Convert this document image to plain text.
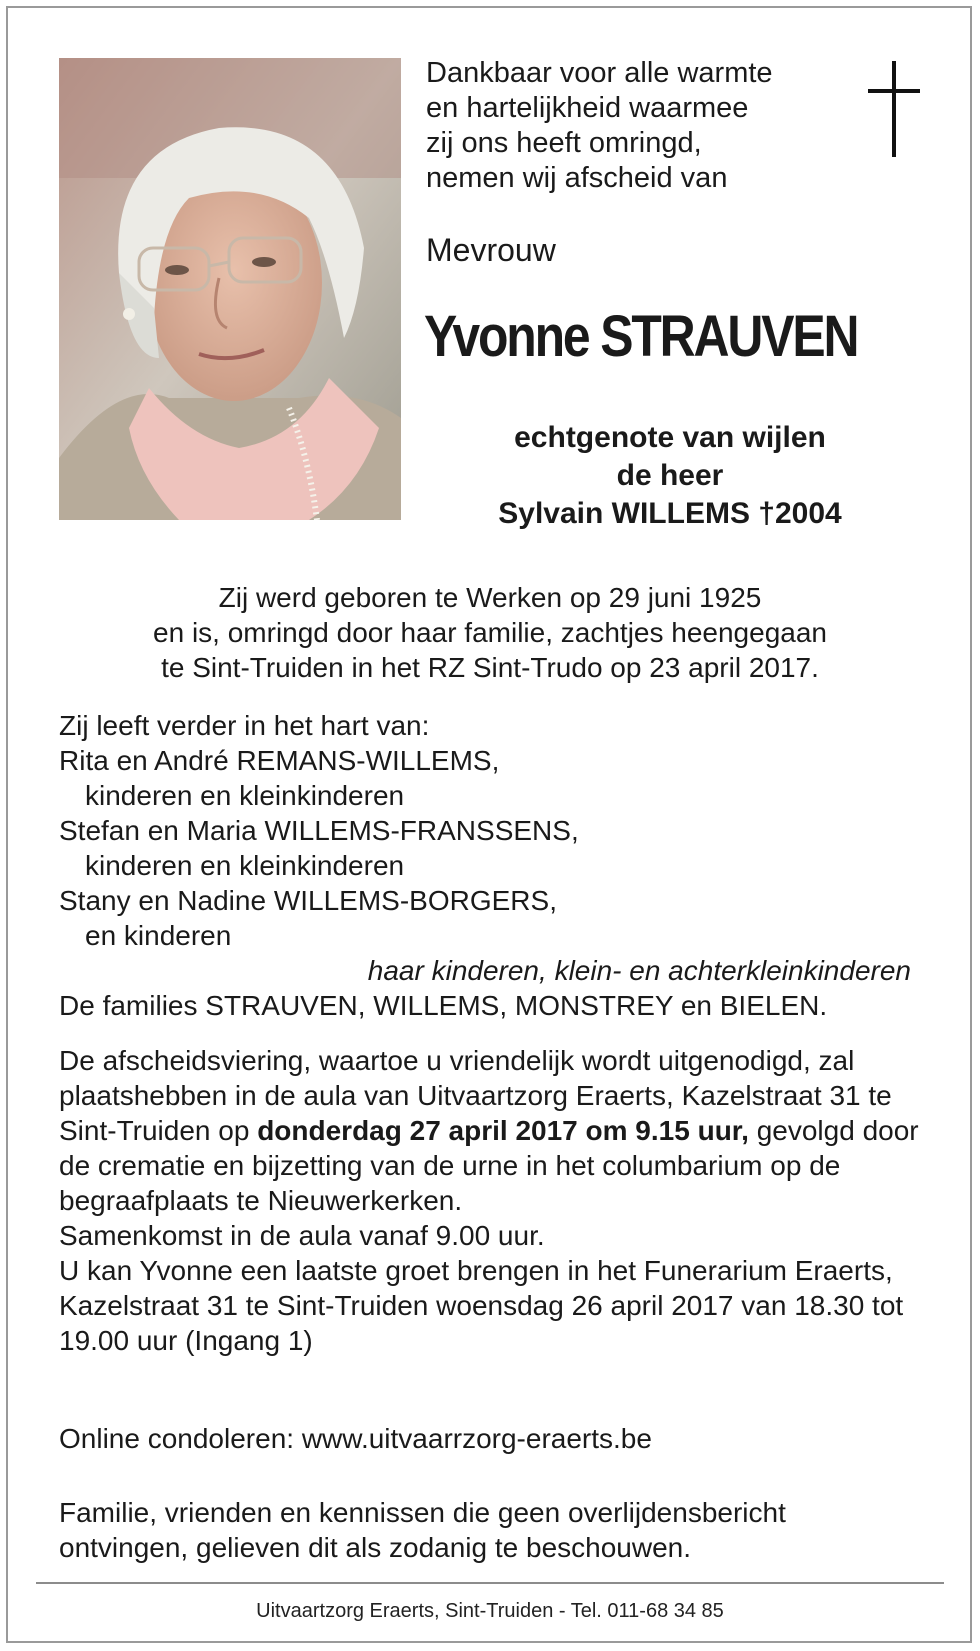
Dankbaar voor alle warmte
en hartelijkheid waarmee
zij ons heeft omringd,
nemen wij afscheid van
Mevrouw
Yvonne STRAUVEN
echtgenote van wijlen
de heer
Sylvain WILLEMS †2004
Zij werd geboren te Werken op 29 juni 1925
en is, omringd door haar familie, zachtjes heengegaan
te Sint-Truiden in het RZ Sint-Trudo op 23 april 2017.
Zij leeft verder in het hart van:
Rita en André REMANS-WILLEMS,
kinderen en kleinkinderen
Stefan en Maria WILLEMS-FRANSSENS,
kinderen en kleinkinderen
Stany en Nadine WILLEMS-BORGERS,
en kinderen
haar kinderen, klein- en achterkleinkinderen
De families STRAUVEN, WILLEMS, MONSTREY en BIELEN.
De afscheidsviering, waartoe u vriendelijk wordt uitgenodigd, zal plaatshebben in de aula van Uitvaartzorg Eraerts, Kazelstraat 31 te Sint-Truiden op donderdag 27 april 2017 om 9.15 uur, gevolgd door de crematie en bijzetting van de urne in het columbarium op de begraafplaats te Nieuwerkerken.
Samenkomst in de aula vanaf 9.00 uur.
U kan Yvonne een laatste groet brengen in het Funerarium Eraerts, Kazelstraat 31 te Sint-Truiden woensdag 26 april 2017 van 18.30 tot 19.00 uur (Ingang 1)
Online condoleren: www.uitvaarrzorg-eraerts.be
Familie, vrienden en kennissen die geen overlijdensbericht
ontvingen, gelieven dit als zodanig te beschouwen.
Uitvaartzorg Eraerts, Sint-Truiden - Tel. 011-68 34 85
